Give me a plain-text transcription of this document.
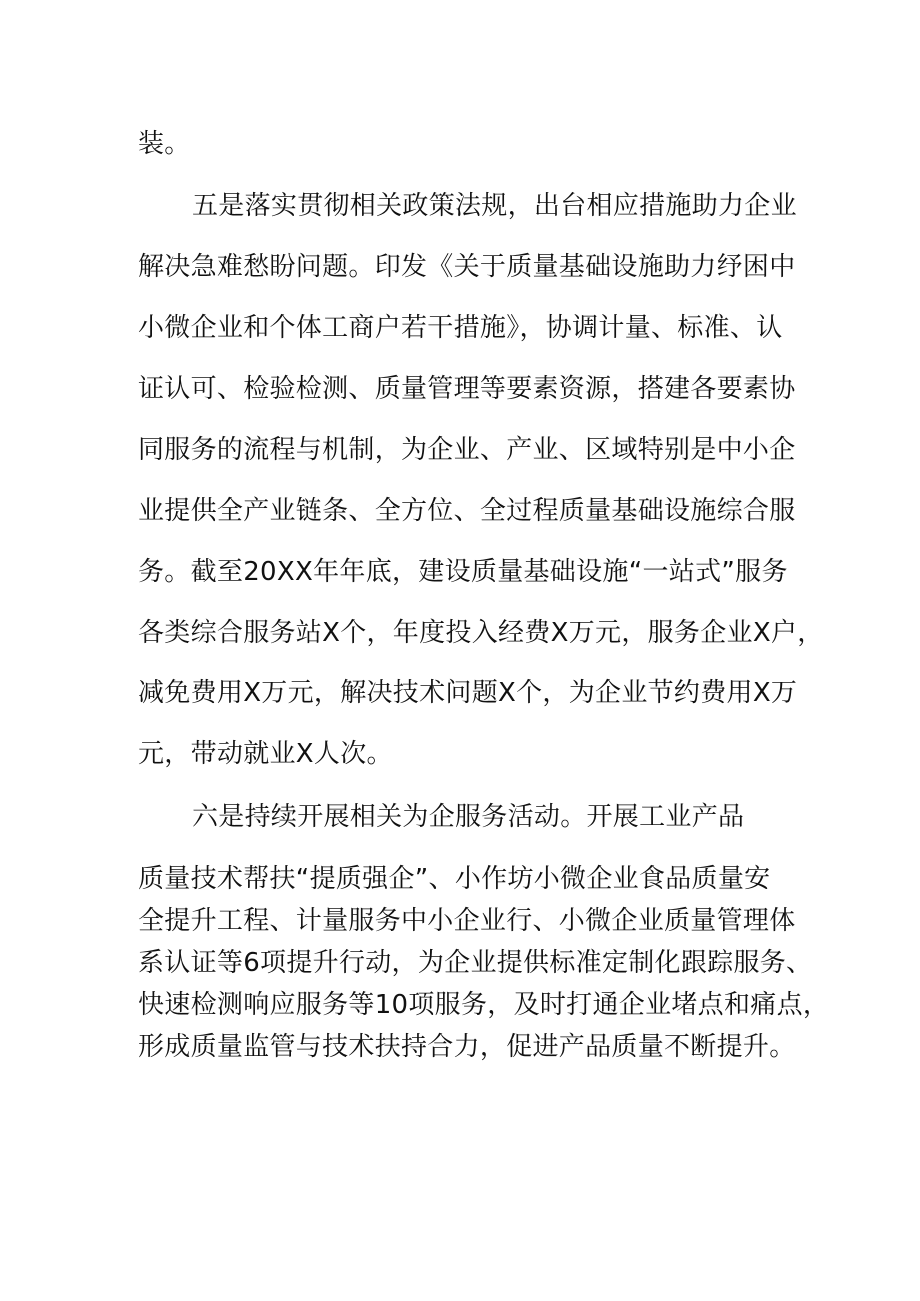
装。
五是落实贯彻相关政策法规，出台相应措施助力企业
解决急难愁盼问题。印发《关于质量基础设施助力纾困中
小微企业和个体工商户若干措施》，协调计量、标准、认
证认可、检验检测、质量管理等要素资源，搭建各要素协
同服务的流程与机制，为企业、产业、区域特别是中小企
业提供全产业链条、全方位、全过程质量基础设施综合服
务。截至20XX年年底，建设质量基础设施“一站式”服务
各类综合服务站X个，年度投入经费X万元，服务企业X户，
减免费用X万元，解决技术问题X个，为企业节约费用X万
元，带动就业X人次。
六是持续开展相关为企服务活动。开展工业产品
质量技术帮扶“提质强企”、小作坊小微企业食品质量安
全提升工程、计量服务中小企业行、小微企业质量管理体
系认证等6项提升行动，为企业提供标准定制化跟踪服务、
快速检测响应服务等10项服务，及时打通企业堵点和痛点，
形成质量监管与技术扶持合力，促进产品质量不断提升。
